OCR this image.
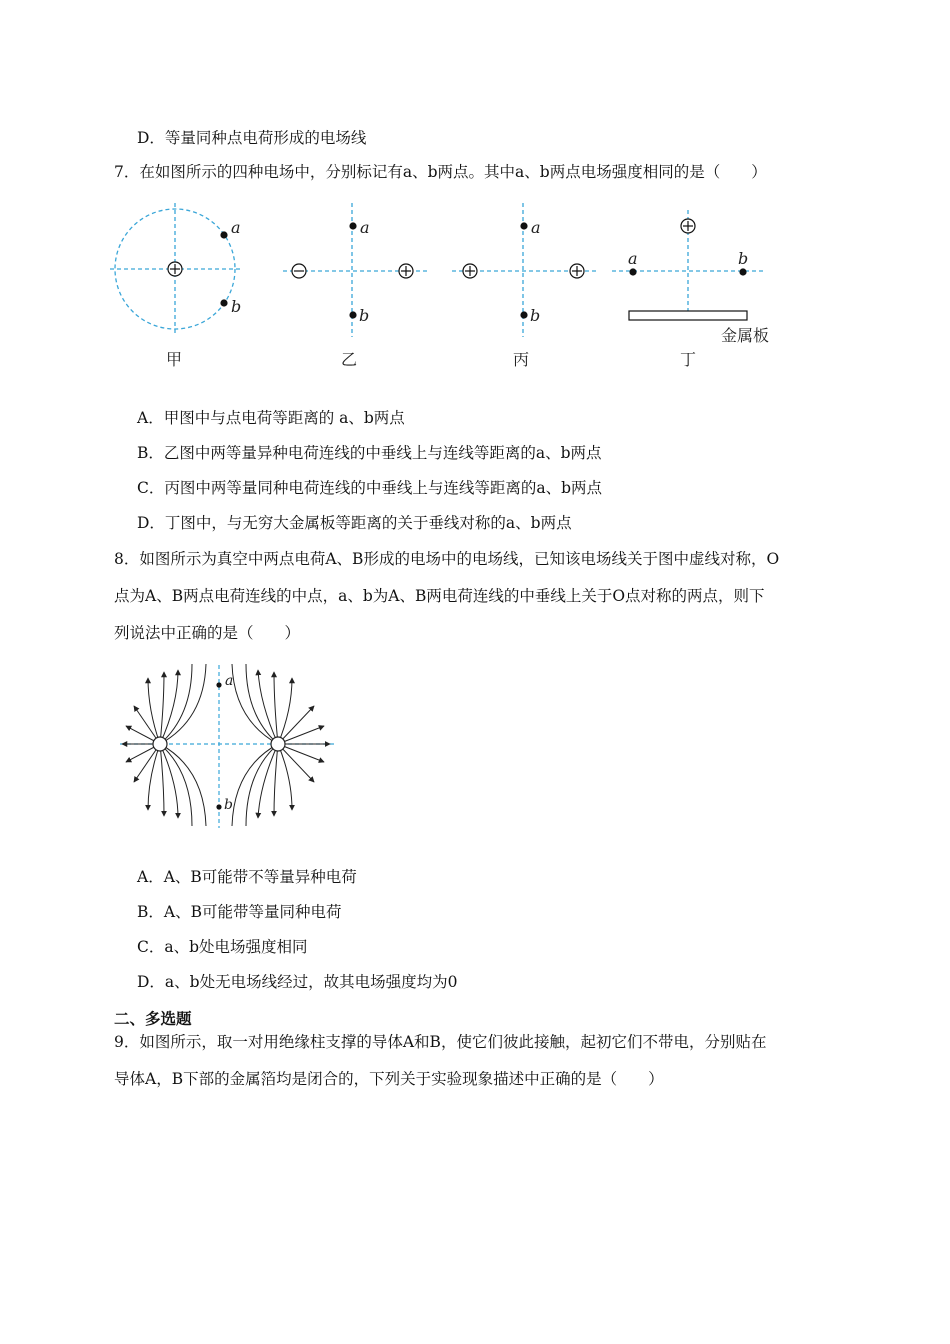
D．等量同种点电荷形成的电场线
7．在如图所示的四种电场中，分别标记有a、b两点。其中a、b两点电场强度相同的是（　　）
a
b
a
b
a
b
a	b
金属板
甲	乙	丙	丁
A．甲图中与点电荷等距离的 a、b两点
B．乙图中两等量异种电荷连线的中垂线上与连线等距离的a、b两点
C．丙图中两等量同种电荷连线的中垂线上与连线等距离的a、b两点
D．丁图中，与无穷大金属板等距离的关于垂线对称的a、b两点
8．如图所示为真空中两点电荷A、B形成的电场中的电场线，已知该电场线关于图中虚线对称，O
点为A、B两点电荷连线的中点，a、b为A、B两电荷连线的中垂线上关于O点对称的两点，则下
列说法中正确的是（　　）
a
b
A．A、B可能带不等量异种电荷
B．A、B可能带等量同种电荷
C．a、b处电场强度相同
D．a、b处无电场线经过，故其电场强度均为0
二、多选题
9．如图所示，取一对用绝缘柱支撑的导体A和B，使它们彼此接触，起初它们不带电，分别贴在
导体A，B下部的金属箔均是闭合的，下列关于实验现象描述中正确的是（　　）
